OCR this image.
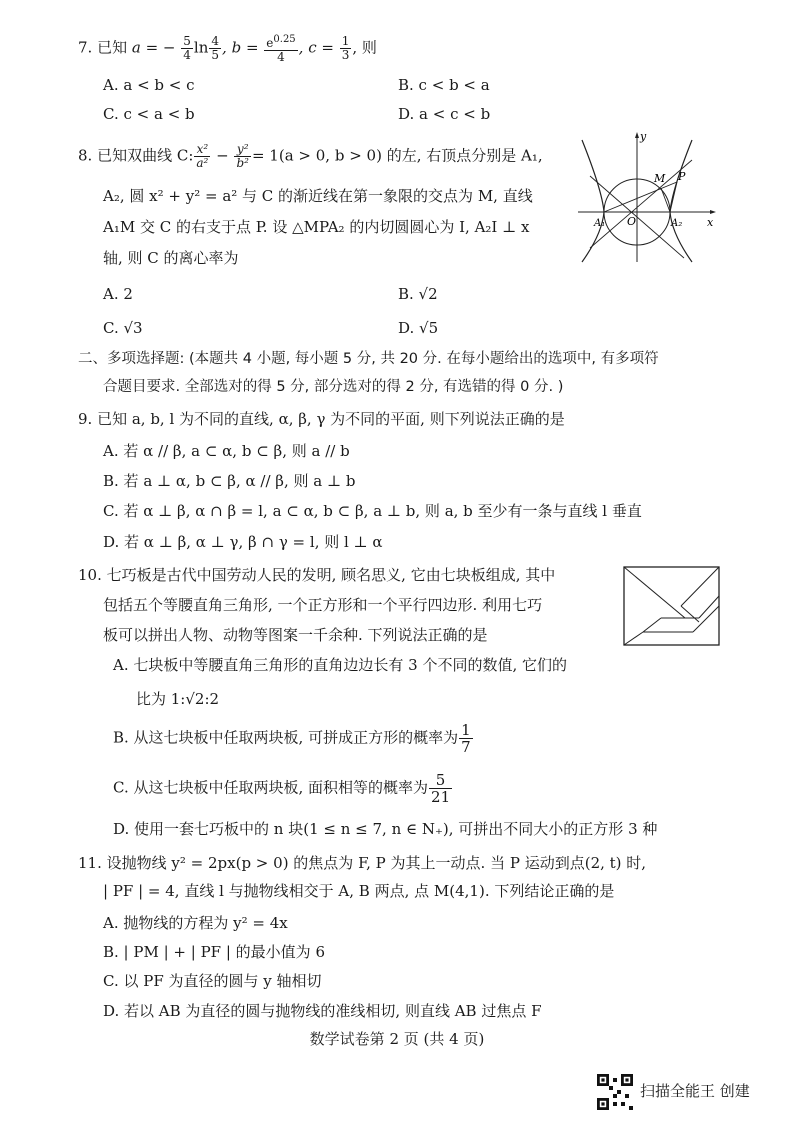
7. 已知 a = − $\frac{5}{4}$ $\ln \frac{4}{5}$ , $b = \frac{e^{0.25}}{4}$ , $c = \frac{1}{3}$ , 则
A. a < b < c	B. c < b < a
C. c < a < b	D. a < c < b
8. 已知双曲线 C: $\frac{\text{x²}}{\text{a²}} - \frac{\text{y²}}{\text{b²}} = 1(a > 0$, b > 0) 的左, 右顶点分别是 A₁,
A₂, 圆 x² + y² = a² 与 C 的渐近线在第一象限的交点为 M, 直线
A₁M 交 C 的右支于点 P. 设 △MPA₂ 的内切圆圆心为 I, A₂I ⊥ x
轴, 则 C 的离心率为
A. 2	B. √2
C. √3	D. √5
y
x
M P
O
A₁	A₂
二、多项选择题: (本题共 4 小题, 每小题 5 分, 共 20 分. 在每小题给出的选项中, 有多项符
合题目要求. 全部选对的得 5 分, 部分选对的得 2 分, 有选错的得 0 分. )
9. 已知 a, b, l 为不同的直线, α, β, γ 为不同的平面, 则下列说法正确的是
A. 若 α // β, a ⊂ α, b ⊂ β, 则 a // b
B. 若 a ⊥ α, b ⊂ β, α // β, 则 a ⊥ b
C. 若 α ⊥ β, α ∩ β = l, a ⊂ α, b ⊂ β, a ⊥ b, 则 a, b 至少有一条与直线 l 垂直
D. 若 α ⊥ β, α ⊥ γ, β ∩ γ = l, 则 l ⊥ α
10. 七巧板是古代中国劳动人民的发明, 顾名思义, 它由七块板组成, 其中
包括五个等腰直角三角形, 一个正方形和一个平行四边形. 利用七巧
板可以拼出人物、动物等图案一千余种. 下列说法正确的是
A. 七块板中等腰直角三角形的直角边边长有 3 个不同的数值, 它们的
比为 1:√2:2
B. 从这七块板中任取两块板, 可拼成正方形的概率为 $\frac{1}{7}$
C. 从这七块板中任取两块板, 面积相等的概率为 $\frac{5}{21}$
D. 使用一套七巧板中的 n 块(1 ≤ n ≤ 7, n ∈ N₊), 可拼出不同大小的正方形 3 种
11. 设抛物线 y² = 2px(p > 0) 的焦点为 F, P 为其上一动点. 当 P 运动到点(2, t) 时,
| PF | = 4, 直线 l 与抛物线相交于 A, B 两点, 点 M(4,1). 下列结论正确的是
A. 抛物线的方程为 y² = 4x
B. | PM | + | PF | 的最小值为 6
C. 以 PF 为直径的圆与 y 轴相切
D. 若以 AB 为直径的圆与抛物线的准线相切, 则直线 AB 过焦点 F
数学试卷第 2 页 (共 4 页)
扫描全能王 创建
